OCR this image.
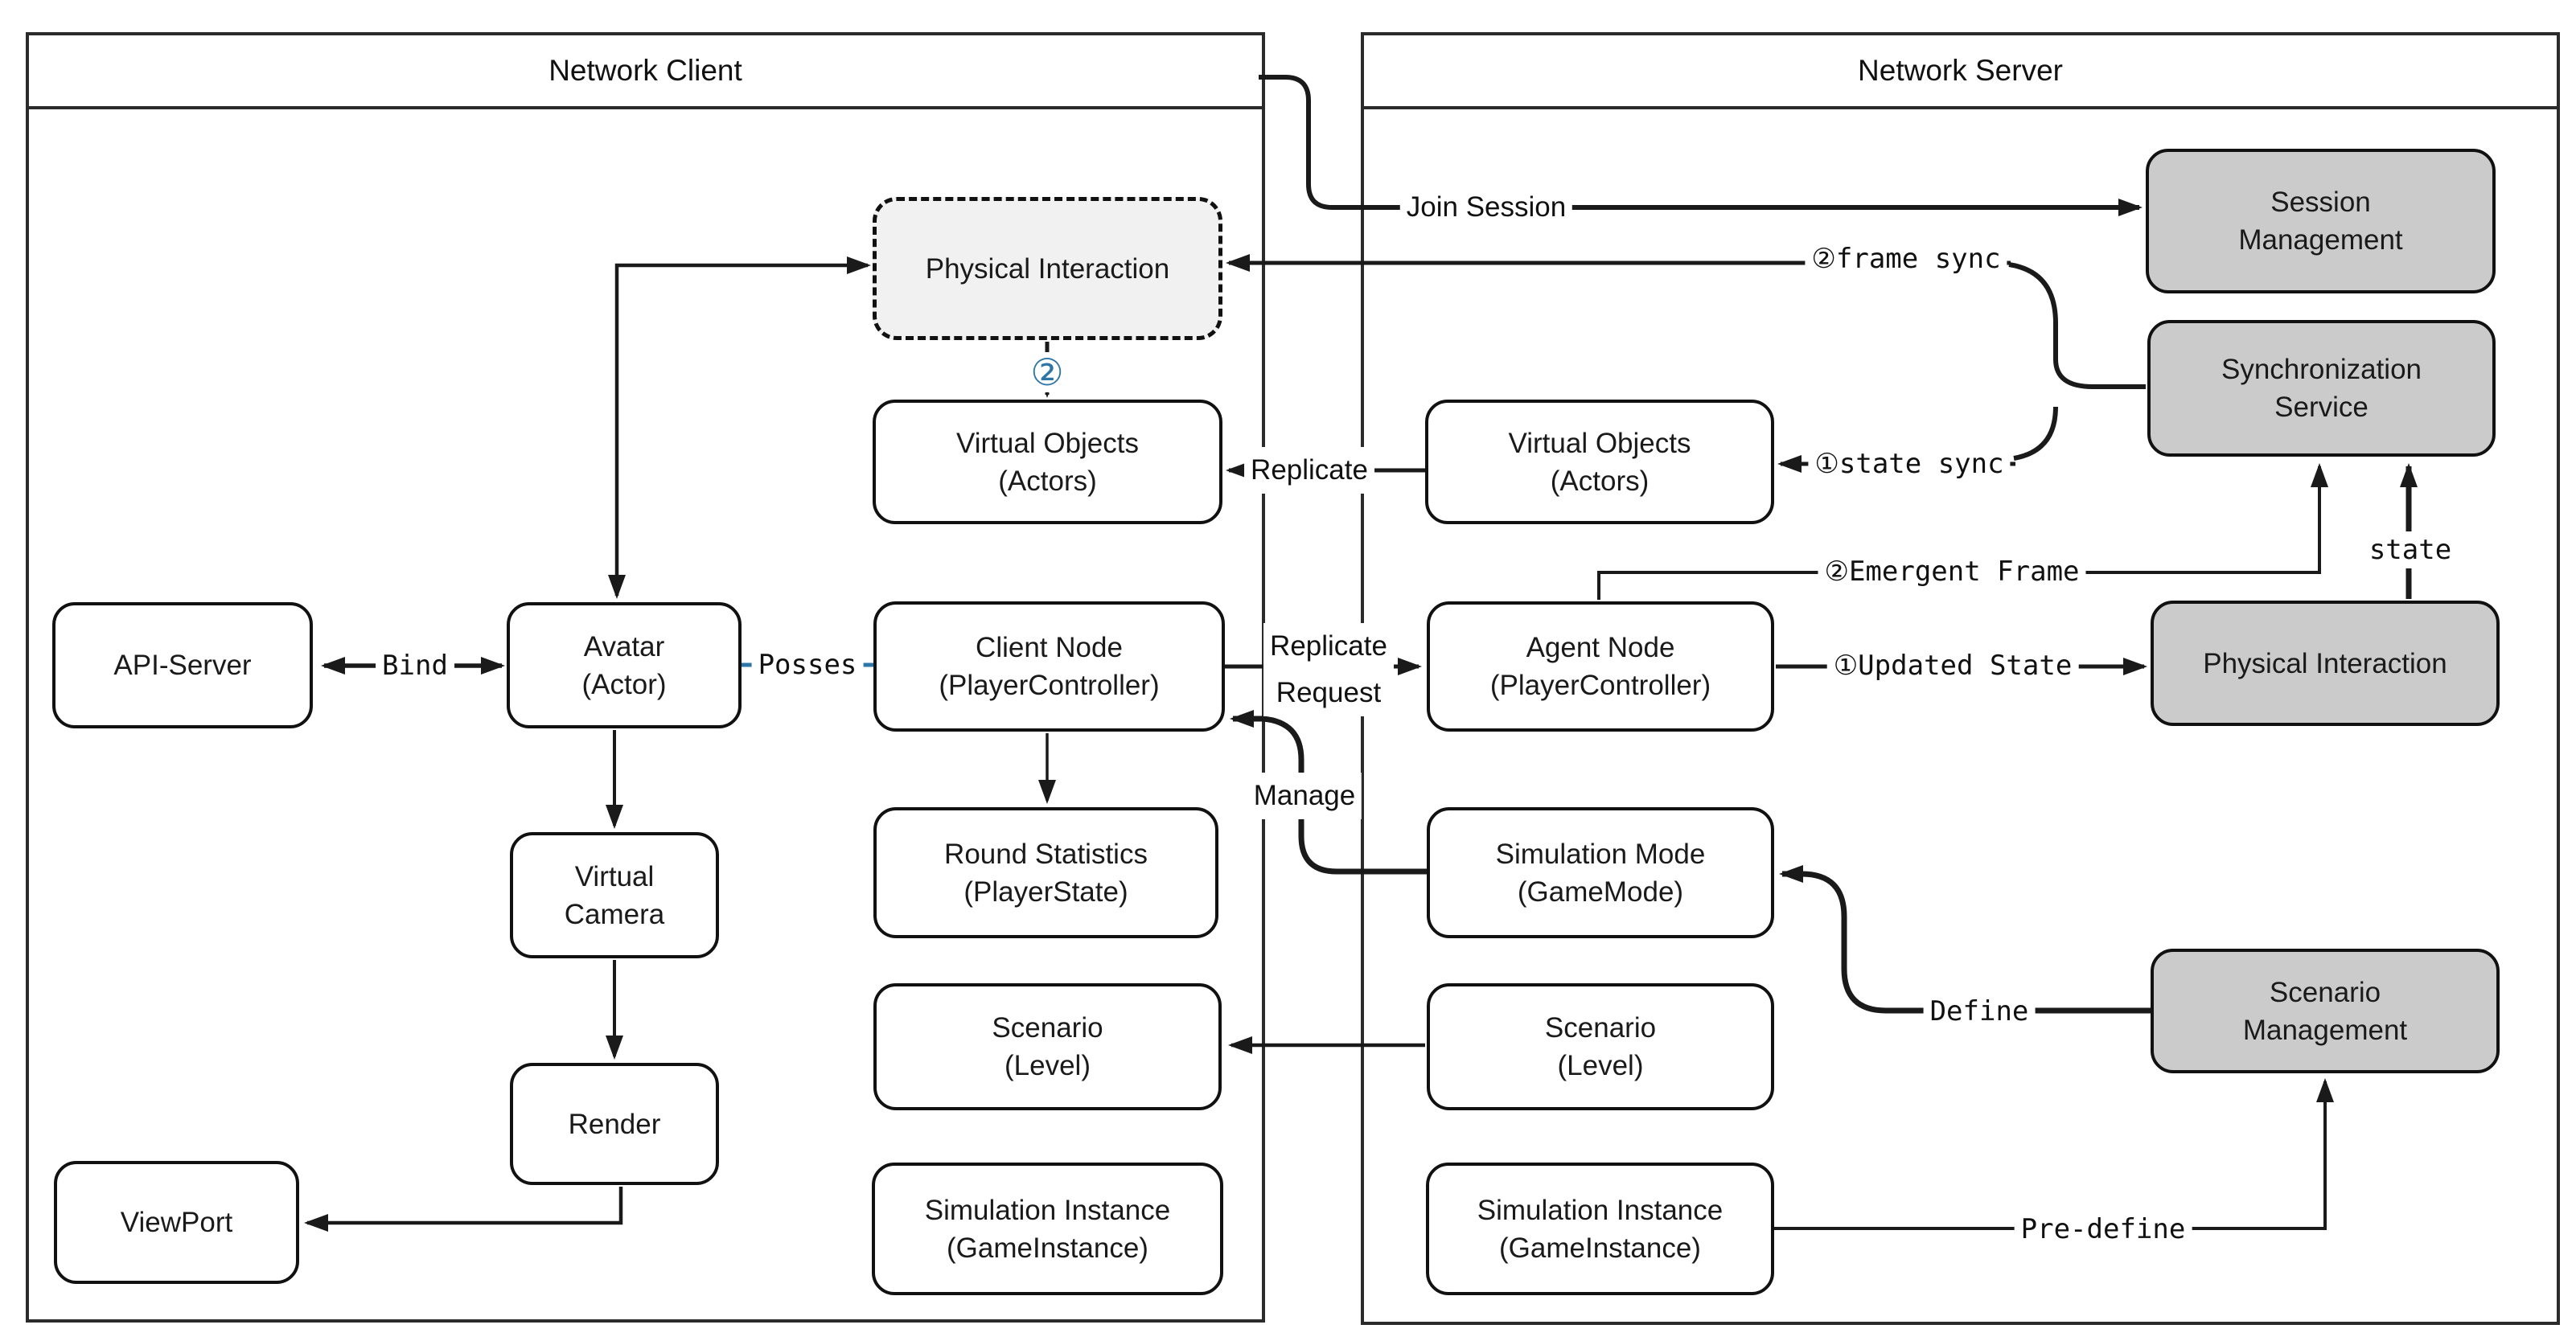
Network Client	Network Server
Physical Interaction
Virtual Objects
(Actors)
API-Server
Avatar
(Actor)
Client Node
(PlayerController)
Round Statistics
(PlayerState)
Scenario
(Level)
Simulation Instance
(GameInstance)
Virtual
Camera
Render
ViewPort
Session
Management
Synchronization
Service
Virtual Objects
(Actors)
Agent Node
(PlayerController)
Physical Interaction
Simulation Mode
(GameMode)
Scenario
Management
Scenario
(Level)
Simulation Instance
(GameInstance)
Join Session
Replicate
Replicate
Request
Manage
Bind	Posses
②frame sync
①state sync
②Emergent Frame
①Updated State
state
Define
Pre-define
②
